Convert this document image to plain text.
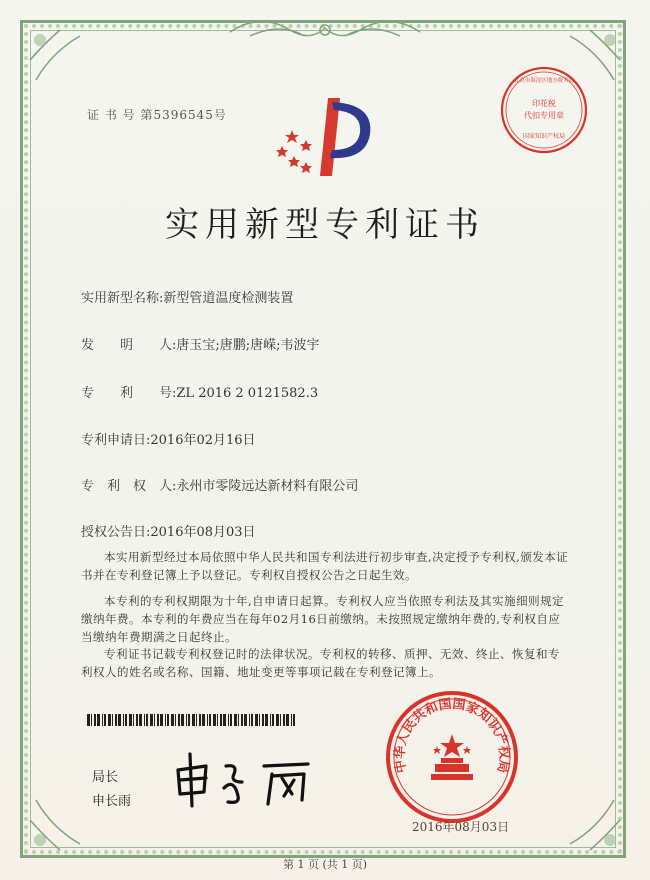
证 书 号 第5396545号
印花税
代扣专用章
国家知识产权局
北京市海淀区地方税务局
实用新型专利证书
实用新型名称:新型管道温度检测装置
发　　明　　人:唐玉宝;唐鹏;唐嵘;韦波宇
专　　利　　号:ZL 2016 2 0121582.3
专利申请日:2016年02月16日
专　利　权　人:永州市零陵远达新材料有限公司
授权公告日:2016年08月03日

本实用新型经过本局依照中华人民共和国专利法进行初步审查,决定授予专利权,颁发本证书并在专利登记簿上予以登记。专利权自授权公告之日起生效。

本专利的专利权期限为十年,自申请日起算。专利权人应当依照专利法及其实施细则规定缴纳年费。本专利的年费应当在每年02月16日前缴纳。未按照规定缴纳年费的,专利权自应当缴纳年费期满之日起终止。

专利证书记载专利权登记时的法律状况。专利权的转移、质押、无效、终止、恢复和专利权人的姓名或名称、国籍、地址变更等事项记载在专利登记簿上。

局长
申长雨
中华人民共和国国家知识产权局
2016年08月03日
第 1 页 (共 1 页)
